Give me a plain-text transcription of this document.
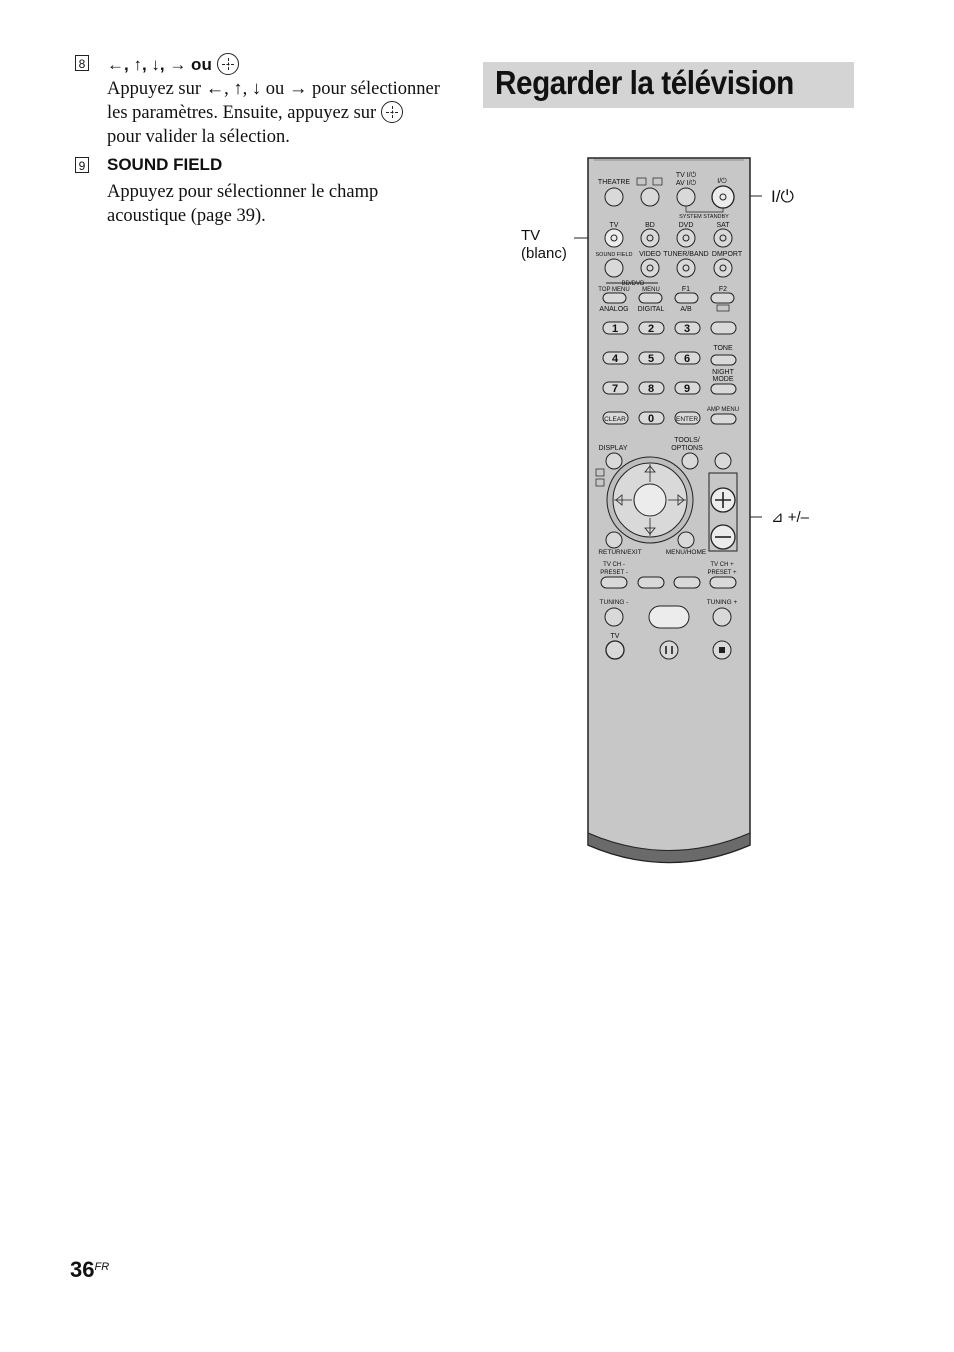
8 ←, ↑, ↓, → ou
Appuyez sur ←, ↑, ↓ ou → pour sélectionner
les paramètres. Ensuite, appuyez sur
pour valider la sélection.
9 SOUND FIELD
Appuyez pour sélectionner le champ
acoustique (page 39).
Regarder la télévision
TV
(blanc)
I/⏻
⊿ +/–
THEATRE
TV I/⏻
AV I/⏻	I/⏻
SYSTEM STANDBY
TV	BD	DVD	SAT
SOUND FIELD VIDEO TUNER/BAND DMPORT
BD/DVD
TOP MENU MENU	F1	F2
ANALOG DIGITAL A/B
1	2	3
4	5	6
7	8	9
0
TONE
NIGHT
MODE
CLEAR	ENTER
AMP MENU
DISPLAY
TOOLS/
OPTIONS
RETURN/EXIT	MENU/HOME
TV CH -
PRESET -
TV CH +
PRESET +
TUNING -	TUNING +
TV
$36^{FR}$
